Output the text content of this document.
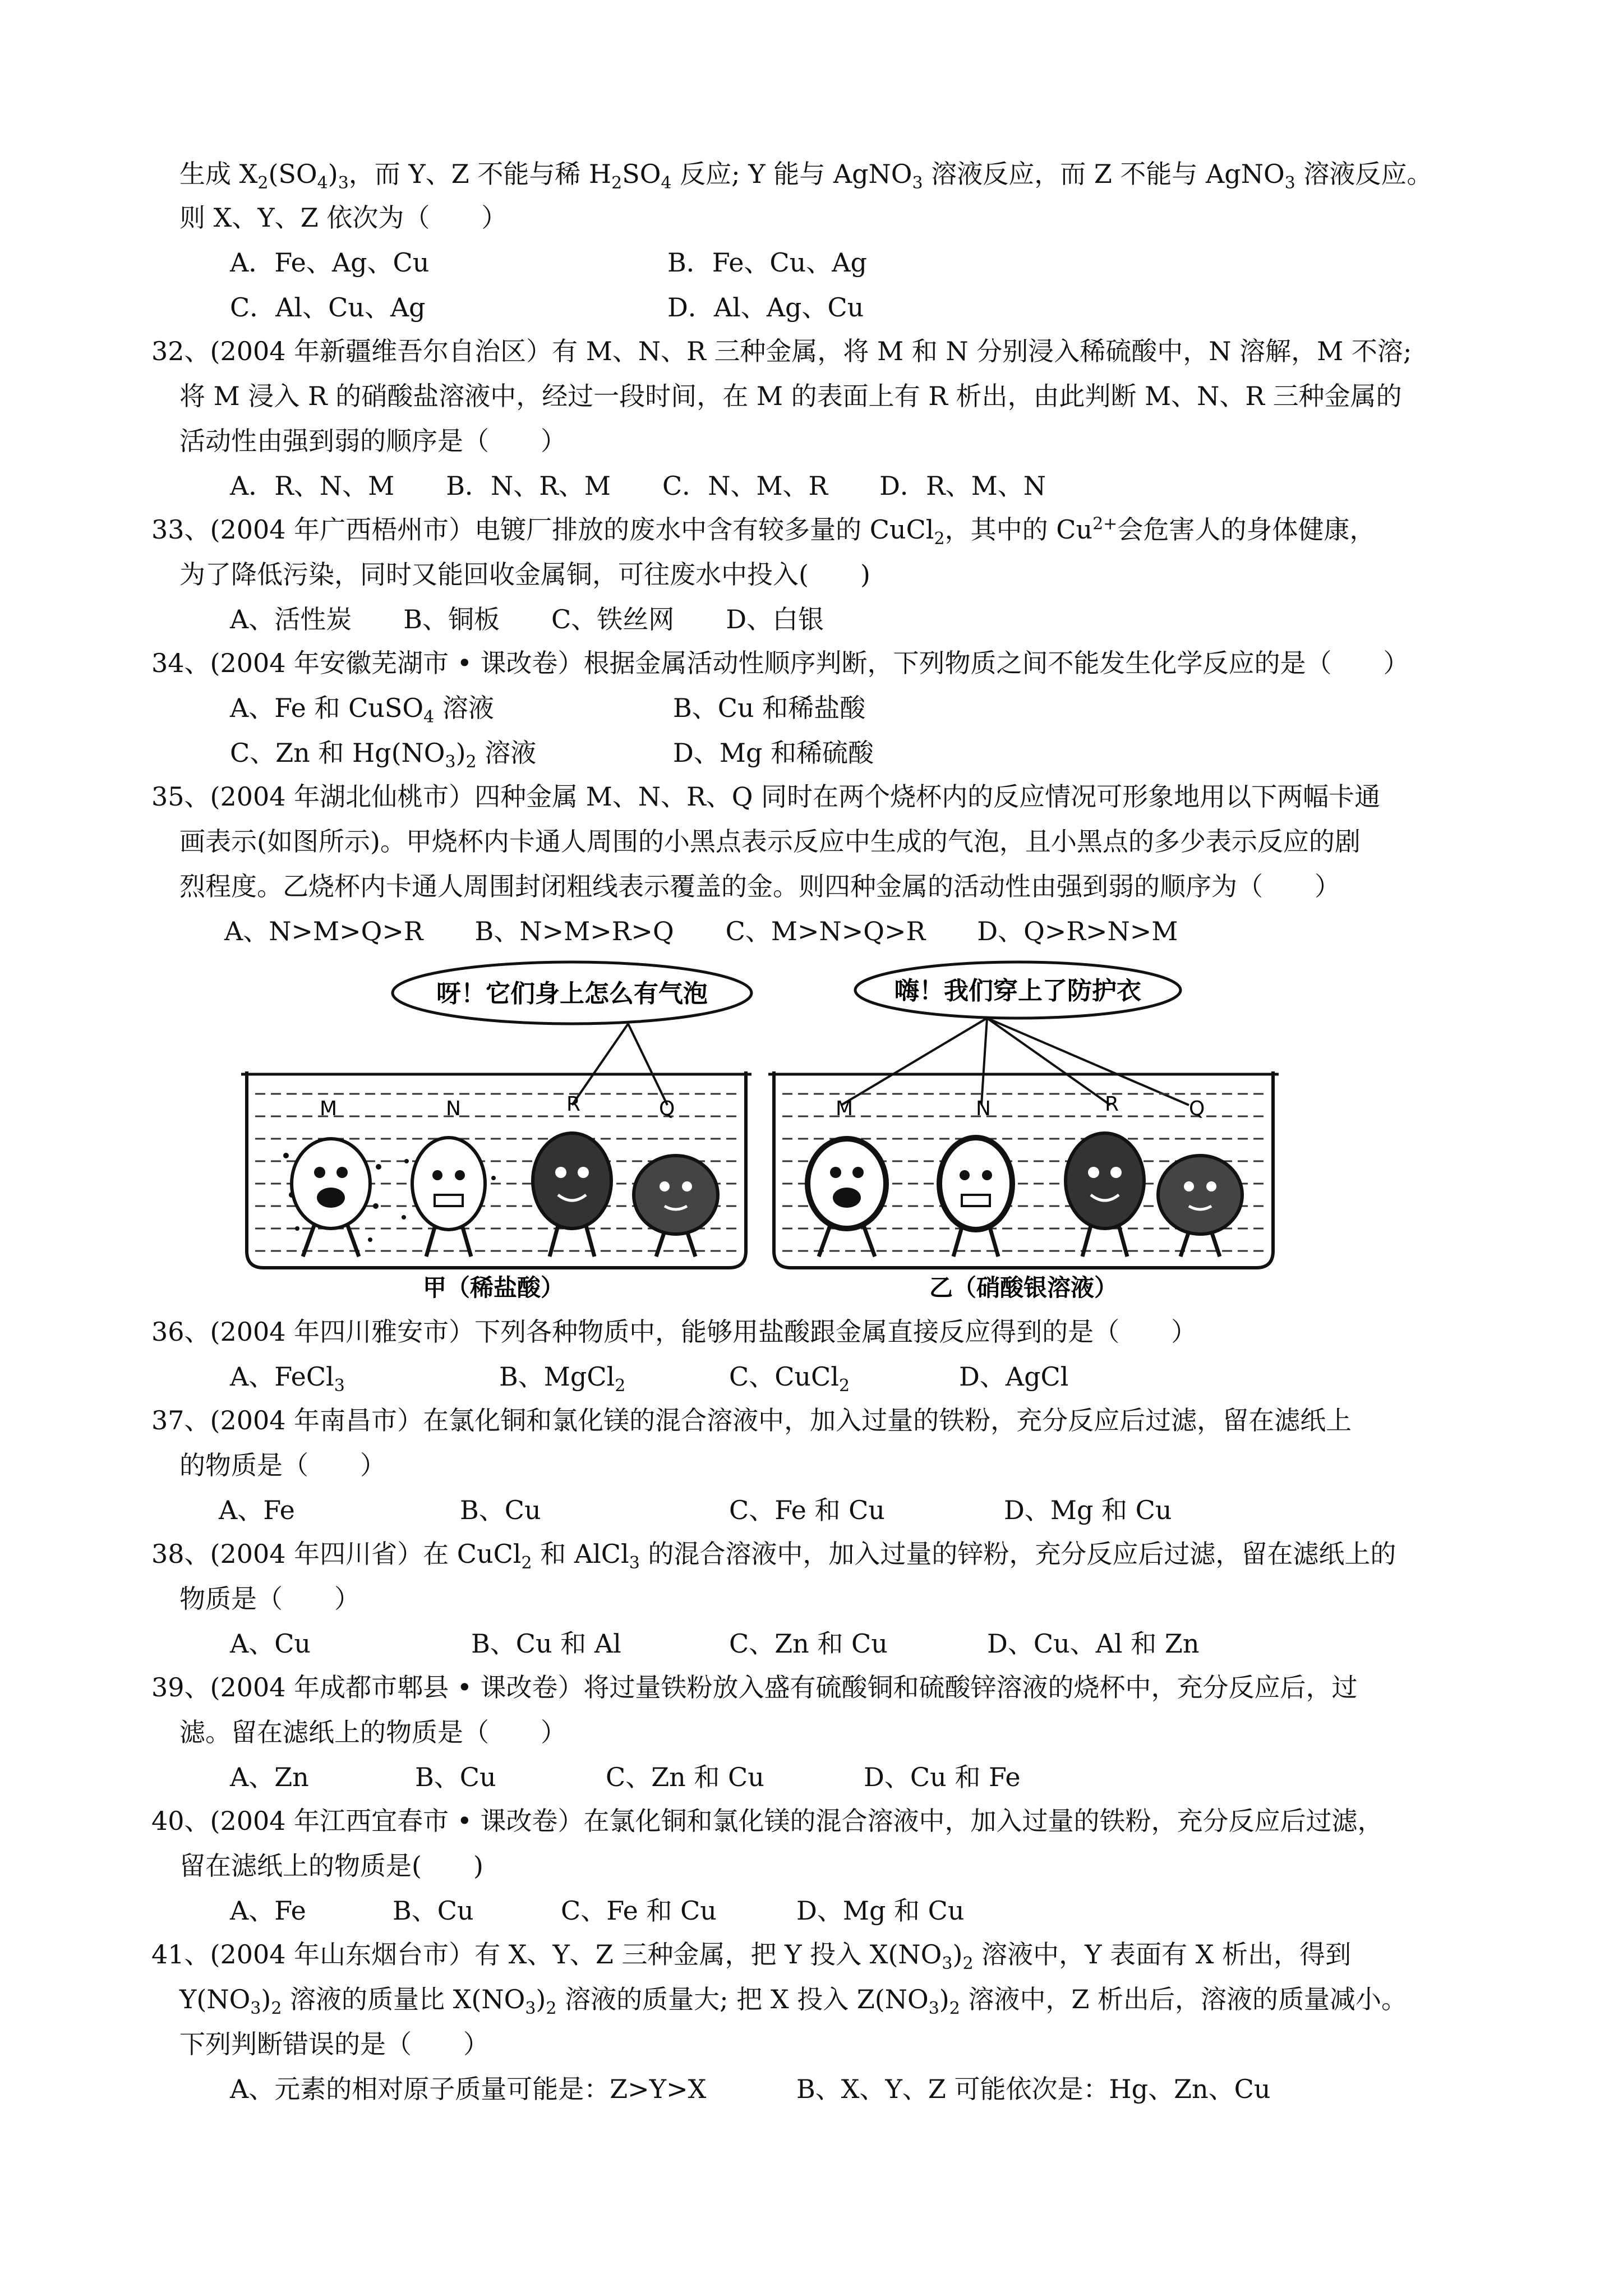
生成 $X_2(SO_4)_3$，而 Y、Z 不能与稀 $H_2SO_4$ 反应; Y 能与 AgNO$_3$ 溶液反应，而 Z 不能与 AgNO$_3$ 溶液反应。
则 X、Y、Z 依次为（　　）
A．Fe、Ag、Cu	B．Fe、Cu、Ag
C．Al、Cu、Ag	D．Al、Ag、Cu
32、(2004 年新疆维吾尔自治区）有 M、N、R 三种金属，将 M 和 N 分别浸入稀硫酸中，N 溶解，M 不溶;
将 M 浸入 R 的硝酸盐溶液中，经过一段时间，在 M 的表面上有 R 析出，由此判断 M、N、R 三种金属的
活动性由强到弱的顺序是（　　）
A．R、N、M　　B．N、R、M　　C．N、M、R　　D．R、M、N
33、(2004 年广西梧州市）电镀厂排放的废水中含有较多量的 CuCl$_2$，其中的 $Cu^{2+}$会危害人的身体健康，
为了降低污染，同时又能回收金属铜，可往废水中投入(　　)
A、活性炭　　B、铜板　　C、铁丝网　　D、白银
34、(2004 年安徽芜湖市 • 课改卷）根据金属活动性顺序判断，下列物质之间不能发生化学反应的是（　　）
A、Fe 和 CuSO$_4$ 溶液	B、Cu 和稀盐酸
C、Zn 和 $Hg(NO_3)_2$ 溶液	D、Mg 和稀硫酸
35、(2004 年湖北仙桃市）四种金属 M、N、R、Q 同时在两个烧杯内的反应情况可形象地用以下两幅卡通
画表示(如图所示)。甲烧杯内卡通人周围的小黑点表示反应中生成的气泡，且小黑点的多少表示反应的剧
烈程度。乙烧杯内卡通人周围封闭粗线表示覆盖的金。则四种金属的活动性由强到弱的顺序为（　　）
A、N>M>Q>R　　B、N>M>R>Q　　C、M>N>Q>R　　D、Q>R>N>M
呀！它们身上怎么有气泡	嗨！我们穿上了防护衣
M	N	R	Q
甲（稀盐酸）
M	N	R	Q
乙（硝酸银溶液）
36、(2004 年四川雅安市）下列各种物质中，能够用盐酸跟金属直接反应得到的是（　　）
A、FeCl$_3$	B、MgCl$_2$	C、CuCl$_2$	D、AgCl
37、(2004 年南昌市）在氯化铜和氯化镁的混合溶液中，加入过量的铁粉，充分反应后过滤，留在滤纸上
的物质是（　　）
A、Fe	B、Cu	C、Fe 和 Cu	D、Mg 和 Cu
38、(2004 年四川省）在 CuCl$_2$ 和 AlCl$_3$ 的混合溶液中，加入过量的锌粉，充分反应后过滤，留在滤纸上的
物质是（　　）
A、Cu	B、Cu 和 Al	C、Zn 和 Cu	D、Cu、Al 和 Zn
39、(2004 年成都市郫县 • 课改卷）将过量铁粉放入盛有硫酸铜和硫酸锌溶液的烧杯中，充分反应后，过
滤。留在滤纸上的物质是（　　）
A、Zn	B、Cu	C、Zn 和 Cu	D、Cu 和 Fe
40、(2004 年江西宜春市 • 课改卷）在氯化铜和氯化镁的混合溶液中，加入过量的铁粉，充分反应后过滤，
留在滤纸上的物质是(　　)
A、Fe	B、Cu	C、Fe 和 Cu	D、Mg 和 Cu
41、(2004 年山东烟台市）有 X、Y、Z 三种金属，把 Y 投入 $X(NO_3)_2$ 溶液中，Y 表面有 X 析出，得到
$Y(NO_3)_2$ 溶液的质量比 $X(NO_3)_2$ 溶液的质量大; 把 X 投入 $Z(NO_3)_2$ 溶液中，Z 析出后，溶液的质量减小。
下列判断错误的是（　　）
A、元素的相对原子质量可能是：Z>Y>X	B、X、Y、Z 可能依次是：Hg、Zn、Cu
